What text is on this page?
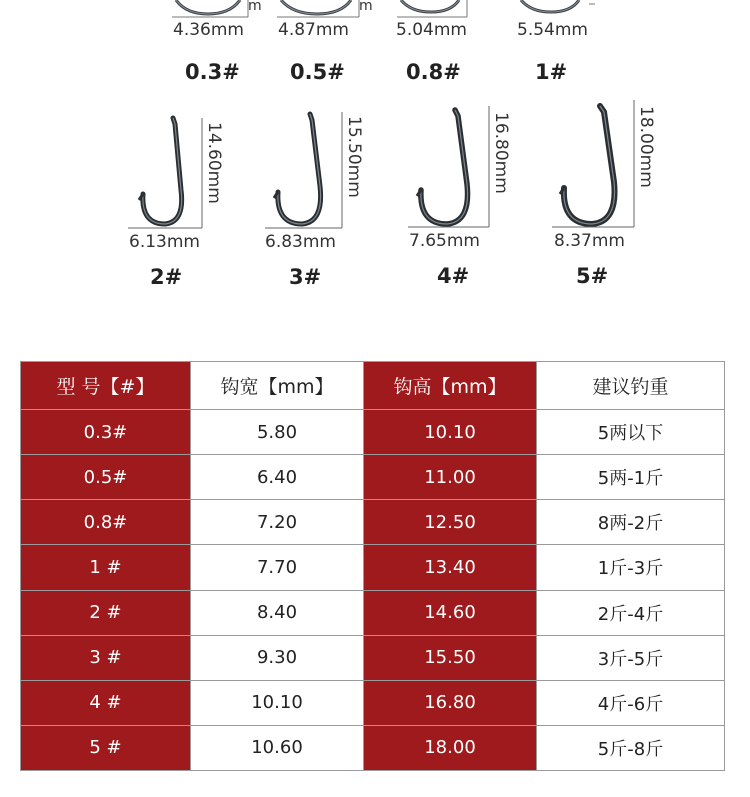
m
4.36mm
0.3#
m
4.87mm
0.5#
5.04mm
0.8#
5.54mm
1#
14.60mm
6.13mm
2#
15.50mm
6.83mm
3#
16.80mm
7.65mm
4#
18.00mm
8.37mm
5#
型 号【#】	钩宽【mm】	钩高【mm】	建议钓重
0.3#	5.80	10.10	5两以下
0.5#	6.40	11.00	5两-1斤
0.8#	7.20	12.50	8两-2斤
1 #	7.70	13.40	1斤-3斤
2 #	8.40	14.60	2斤-4斤
3 #	9.30	15.50	3斤-5斤
4 #	10.10	16.80	4斤-6斤
5 #	10.60	18.00	5斤-8斤
